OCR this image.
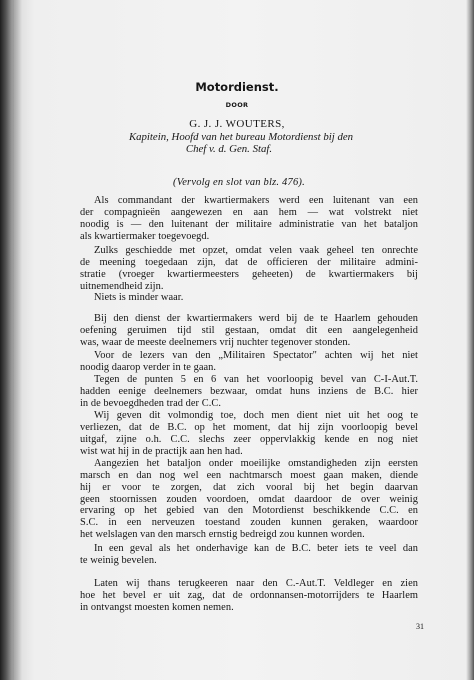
Motordienst.
DOOR
G. J. J. WOUTERS,
Kapitein, Hoofd van het bureau Motordienst bij den
Chef v. d. Gen. Staf.
(Vervolg en slot van blz. 476).
Als commandant der kwartiermakers werd een luitenant van een
der compagnieën aangewezen en aan hem — wat volstrekt niet
noodig is — den luitenant der militaire administratie van het bataljon
als kwartiermaker toegevoegd.
Zulks geschiedde met opzet, omdat velen vaak geheel ten onrechte
de meening toegedaan zijn, dat de officieren der militaire admini-
stratie (vroeger kwartiermeesters geheeten) de kwartiermakers bij
uitnemendheid zijn.
Niets is minder waar.
Bij den dienst der kwartiermakers werd bij de te Haarlem gehouden
oefening geruimen tijd stil gestaan, omdat dit een aangelegenheid
was, waar de meeste deelnemers vrij nuchter tegenover stonden.
Voor de lezers van den „Militairen Spectator" achten wij het niet
noodig daarop verder in te gaan.
Tegen de punten 5 en 6 van het voorloopig bevel van C-I-Aut.T.
hadden eenige deelnemers bezwaar, omdat huns inziens de B.C. hier
in de bevoegdheden trad der C.C.
Wij geven dit volmondig toe, doch men dient niet uit het oog te
verliezen, dat de B.C. op het moment, dat hij zijn voorloopig bevel
uitgaf, zijne o.h. C.C. slechs zeer oppervlakkig kende en nog niet
wist wat hij in de practijk aan hen had.
Aangezien het bataljon onder moeilijke omstandigheden zijn eersten
marsch en dan nog wel een nachtmarsch moest gaan maken, diende
hij er voor te zorgen, dat zich vooral bij het begin daarvan
geen stoornissen zouden voordoen, omdat daardoor de over weinig
ervaring op het gebied van den Motordienst beschikkende C.C. en
S.C. in een nerveuzen toestand zouden kunnen geraken, waardoor
het welslagen van den marsch ernstig bedreigd zou kunnen worden.
In een geval als het onderhavige kan de B.C. beter iets te veel dan
te weinig bevelen.
Laten wij thans terugkeeren naar den C.-Aut.T. Veldleger en zien
hoe het bevel er uit zag, dat de ordonnansen-motorrijders te Haarlem
in ontvangst moesten komen nemen.
31
